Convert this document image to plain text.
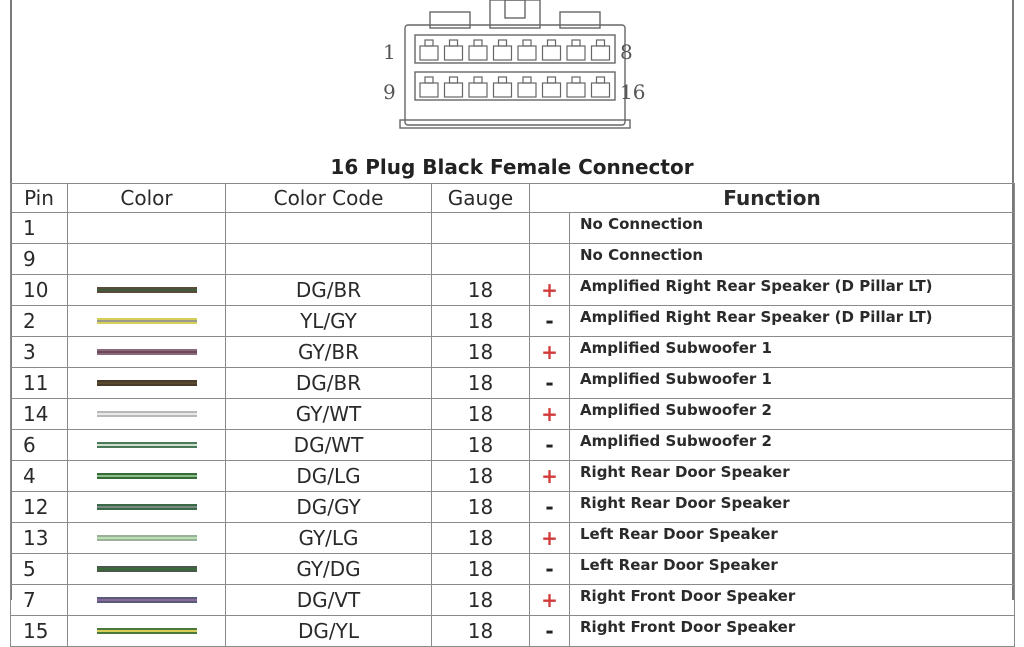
1	8
9	16
16 Plug Black Female Connector
Pin	Color	Color Code	Gauge	Function	
1					No Connection
9					No Connection
10		DG/BR	18	+	Amplified Right Rear Speaker (D Pillar LT)
2		YL/GY	18	-	Amplified Right Rear Speaker (D Pillar LT)
3		GY/BR	18	+	Amplified Subwoofer 1
11		DG/BR	18	-	Amplified Subwoofer 1
14		GY/WT	18	+	Amplified Subwoofer 2
6		DG/WT	18	-	Amplified Subwoofer 2
4		DG/LG	18	+	Right Rear Door Speaker
12		DG/GY	18	-	Right Rear Door Speaker
13		GY/LG	18	+	Left Rear Door Speaker
5		GY/DG	18	-	Left Rear Door Speaker
7		DG/VT	18	+	Right Front Door Speaker
15		DG/YL	18	-	Right Front Door Speaker
